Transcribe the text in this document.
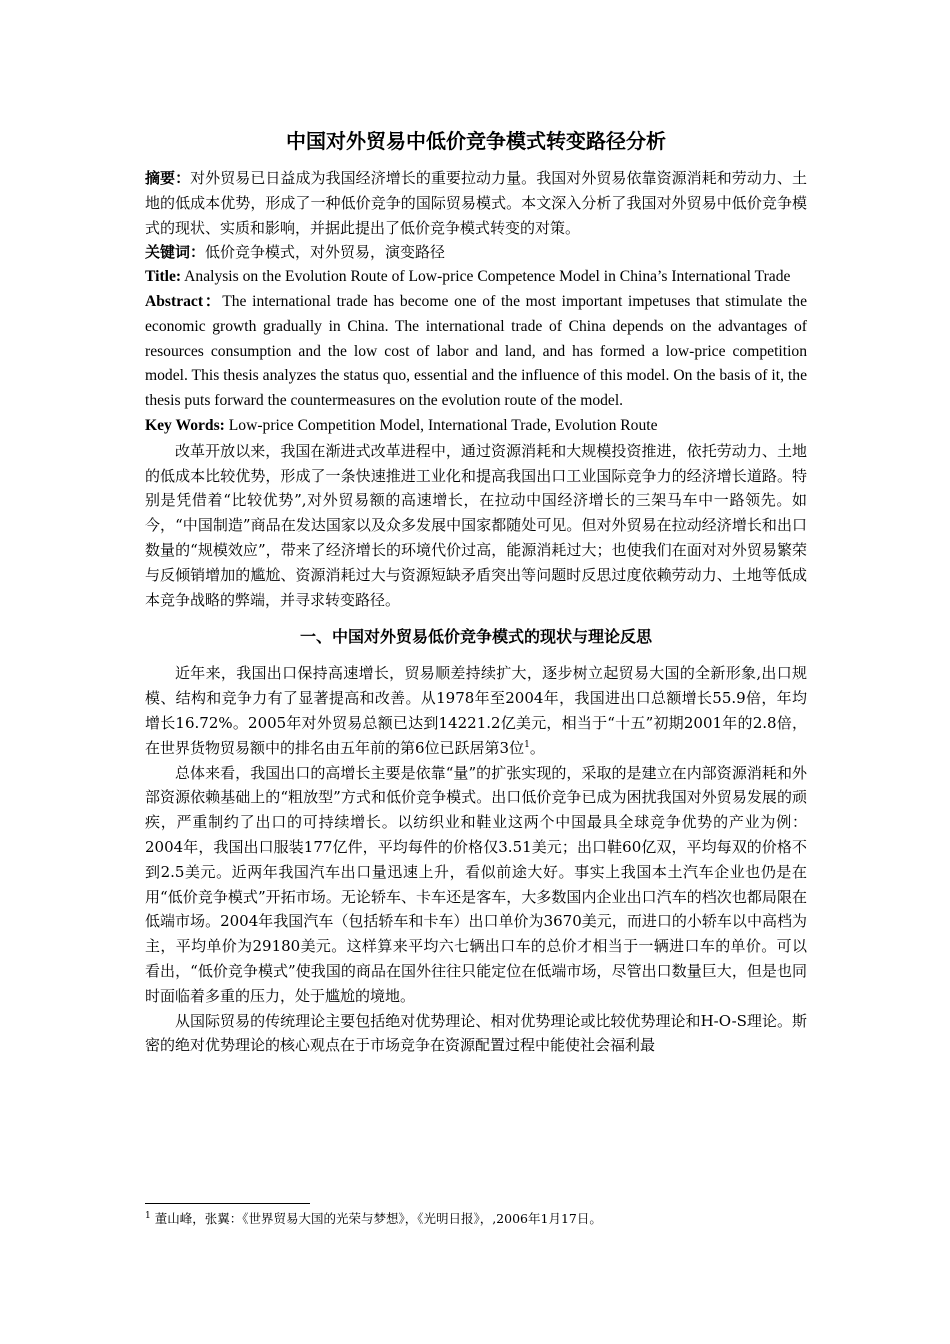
中国对外贸易中低价竞争模式转变路径分析

摘要：对外贸易已日益成为我国经济增长的重要拉动力量。我国对外贸易依靠资源消耗和劳动力、土地的低成本优势，形成了一种低价竞争的国际贸易模式。本文深入分析了我国对外贸易中低价竞争模式的现状、实质和影响，并据此提出了低价竞争模式转变的对策。

关键词：低价竞争模式，对外贸易，演变路径

Title: Analysis on the Evolution Route of Low-price Competence Model in China’s International Trade

Abstract：The international trade has become one of the most important impetuses that stimulate the economic growth gradually in China. The international trade of China depends on the advantages of resources consumption and the low cost of labor and land, and has formed a low-price competition model. This thesis analyzes the status quo, essential and the influence of this model. On the basis of it, the thesis puts forward the countermeasures on the evolution route of the model.

Key Words: Low-price Competition Model, International Trade, Evolution Route

改革开放以来，我国在渐进式改革进程中，通过资源消耗和大规模投资推进，依托劳动力、土地的低成本比较优势，形成了一条快速推进工业化和提高我国出口工业国际竞争力的经济增长道路。特别是凭借着“比较优势”,对外贸易额的高速增长，在拉动中国经济增长的三架马车中一路领先。如今，“中国制造”商品在发达国家以及众多发展中国家都随处可见。但对外贸易在拉动经济增长和出口数量的“规模效应”，带来了经济增长的环境代价过高，能源消耗过大；也使我们在面对对外贸易繁荣与反倾销增加的尴尬、资源消耗过大与资源短缺矛盾突出等问题时反思过度依赖劳动力、土地等低成本竞争战略的弊端，并寻求转变路径。

一、中国对外贸易低价竞争模式的现状与理论反思

近年来，我国出口保持高速增长，贸易顺差持续扩大，逐步树立起贸易大国的全新形象,出口规模、结构和竞争力有了显著提高和改善。从1978年至2004年，我国进出口总额增长55.9倍，年均增长16.72%。2005年对外贸易总额已达到14221.2亿美元，相当于“十五”初期2001年的2.8倍，在世界货物贸易额中的排名由五年前的第6位已跃居第3位$^1$。

总体来看，我国出口的高增长主要是依靠“量”的扩张实现的，采取的是建立在内部资源消耗和外部资源依赖基础上的“粗放型”方式和低价竞争模式。出口低价竞争已成为困扰我国对外贸易发展的顽疾，严重制约了出口的可持续增长。以纺织业和鞋业这两个中国最具全球竞争优势的产业为例：2004年，我国出口服装177亿件，平均每件的价格仅3.51美元；出口鞋60亿双，平均每双的价格不到2.5美元。近两年我国汽车出口量迅速上升，看似前途大好。事实上我国本土汽车企业也仍是在用“低价竞争模式”开拓市场。无论轿车、卡车还是客车，大多数国内企业出口汽车的档次也都局限在低端市场。2004年我国汽车（包括轿车和卡车）出口单价为3670美元，而进口的小轿车以中高档为主，平均单价为29180美元。这样算来平均六七辆出口车的总价才相当于一辆进口车的单价。可以看出，“低价竞争模式”使我国的商品在国外往往只能定位在低端市场，尽管出口数量巨大，但是也同时面临着多重的压力，处于尴尬的境地。

从国际贸易的传统理论主要包括绝对优势理论、相对优势理论或比较优势理论和H-O-S理论。斯密的绝对优势理论的核心观点在于市场竞争在资源配置过程中能使社会福利最

$^1$ 董山峰，张翼：《世界贸易大国的光荣与梦想》，《光明日报》，,2006年1月17日。
